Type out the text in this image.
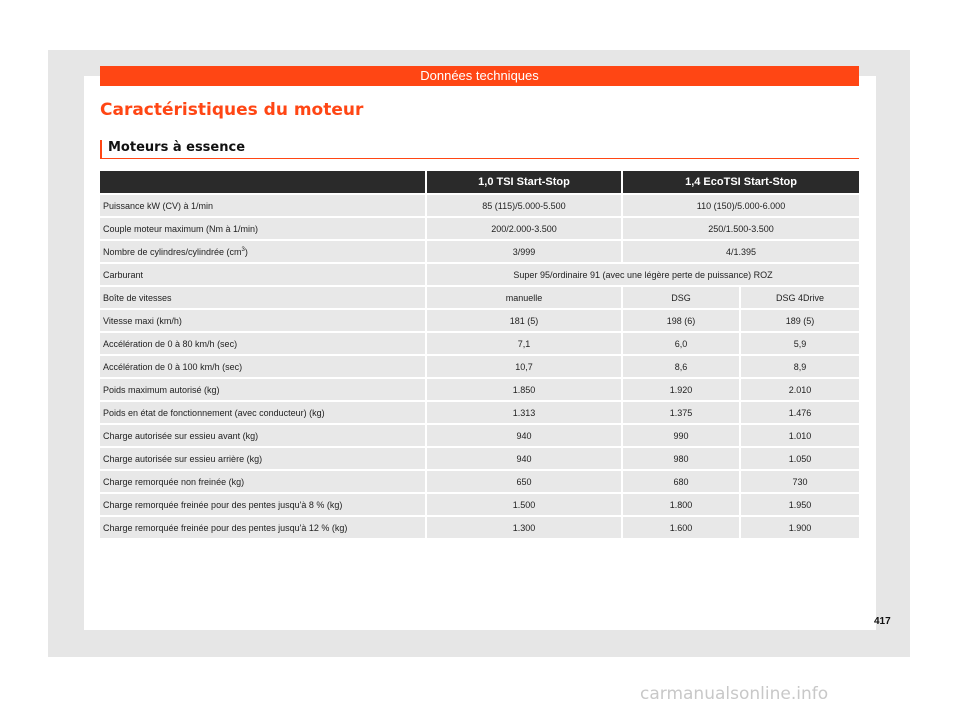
Données techniques
Caractéristiques du moteur
Moteurs à essence
	1,0 TSI Start-Stop	1,4 EcoTSI Start-Stop	
Puissance kW (CV) à 1/min	85 (115)/5.000-5.500	110 (150)/5.000-6.000	
Couple moteur maximum (Nm à 1/min)	200/2.000-3.500	250/1.500-3.500	
Nombre de cylindres/cylindrée $(cm^3)$	3/999	4/1.395	
Carburant	Super 95/ordinaire 91 (avec une légère perte de puissance) ROZ		
Boîte de vitesses	manuelle	DSG	DSG 4Drive
Vitesse maxi (km/h)	181 (5)	198 (6)	189 (5)
Accélération de 0 à 80 km/h (sec)	7,1	6,0	5,9
Accélération de 0 à 100 km/h (sec)	10,7	8,6	8,9
Poids maximum autorisé (kg)	1.850	1.920	2.010
Poids en état de fonctionnement (avec conducteur) (kg)	1.313	1.375	1.476
Charge autorisée sur essieu avant (kg)	940	990	1.010
Charge autorisée sur essieu arrière (kg)	940	980	1.050
Charge remorquée non freinée (kg)	650	680	730
Charge remorquée freinée pour des pentes jusqu'à 8 % (kg)	1.500	1.800	1.950
Charge remorquée freinée pour des pentes jusqu'à 12 % (kg)	1.300	1.600	1.900
417
carmanualsonline.info
